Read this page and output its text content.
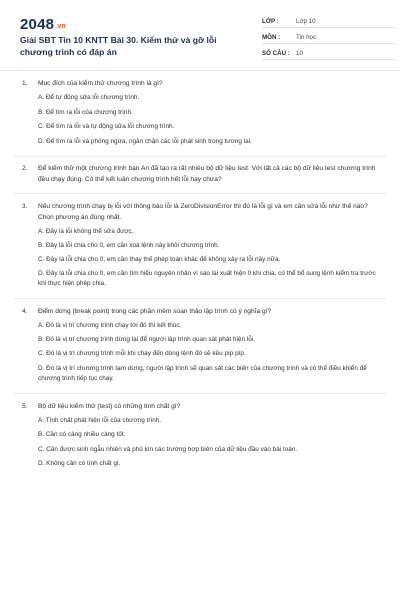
2048.vn
Giải SBT Tin 10 KNTT Bài 30. Kiểm thử và gỡ lỗi chương trình có đáp án
LỚP :	Lớp 10
MÔN :	Tin học
SỐ CÂU : 10
1.	Mục đích của kiểm thử chương trình là gì?
A. Để tự động sửa lỗi chương trình.
B. Để tìm ra lỗi của chương trình.
C. Để tìm ra lỗi và tự động sửa lỗi chương trình.
D. Để tìm ra lỗi và phòng ngừa, ngăn chặn các lỗi phát sinh trong tương lai.
2.	Để kiểm thử một chương trình bạn An đã tạo ra rất nhiều bộ dữ liệu test. Với tất cả các bộ dữ liệu test chương trình đều chạy đúng. Có thể kết luận chương trình hết lỗi hay chưa?
3.	Nếu chương trình chạy bị lỗi với thông báo lỗi là ZeroDivisionError thì đó là lỗi gì và em cần sửa lỗi như thế nào? Chọn phương án đúng nhất.
A. Đây là lỗi không thể sửa được.
B. Đây là lỗi chia cho 0, em cần xoá lệnh này khỏi chương trình.
C. Đây là lỗi chia cho 0, em cần thay thế phép toán khác để không xảy ra lỗi này nữa.
D. Đây là lỗi chia cho 0, em cần tìm hiểu nguyên nhân vì sao lại xuất hiện 0 khi chia, có thể bổ sung lệnh kiểm tra trước khi thực hiện phép chia.
4.	Điểm dừng (break point) trong các phần mềm soạn thảo lập trình có ý nghĩa gì?
A. Đó là vị trí chương trình chạy tới đó thì kết thúc.
B. Đó là vị trí chương trình dừng lại để người lập trình quan sát phát hiện lỗi.
C. Đó là vị trí chương trình mỗi khi chạy đến dòng lệnh đó sẽ kêu píp píp.
D. Đó là vị trí chương trình tạm dừng, người lập trình sẽ quan sát các biến của chương trình và có thể điều khiển để chương trình tiếp tục chạy.
5.	Bộ dữ liệu kiểm thử (test) có những tính chất gì?
A. Tính chất phát hiện lỗi của chương trình.
B. Cần có càng nhiều càng tốt.
C. Cần được sinh ngẫu nhiên và phủ kín các trường hợp biên của dữ liệu đầu vào bài toán.
D. Không cần có tính chất gì.
